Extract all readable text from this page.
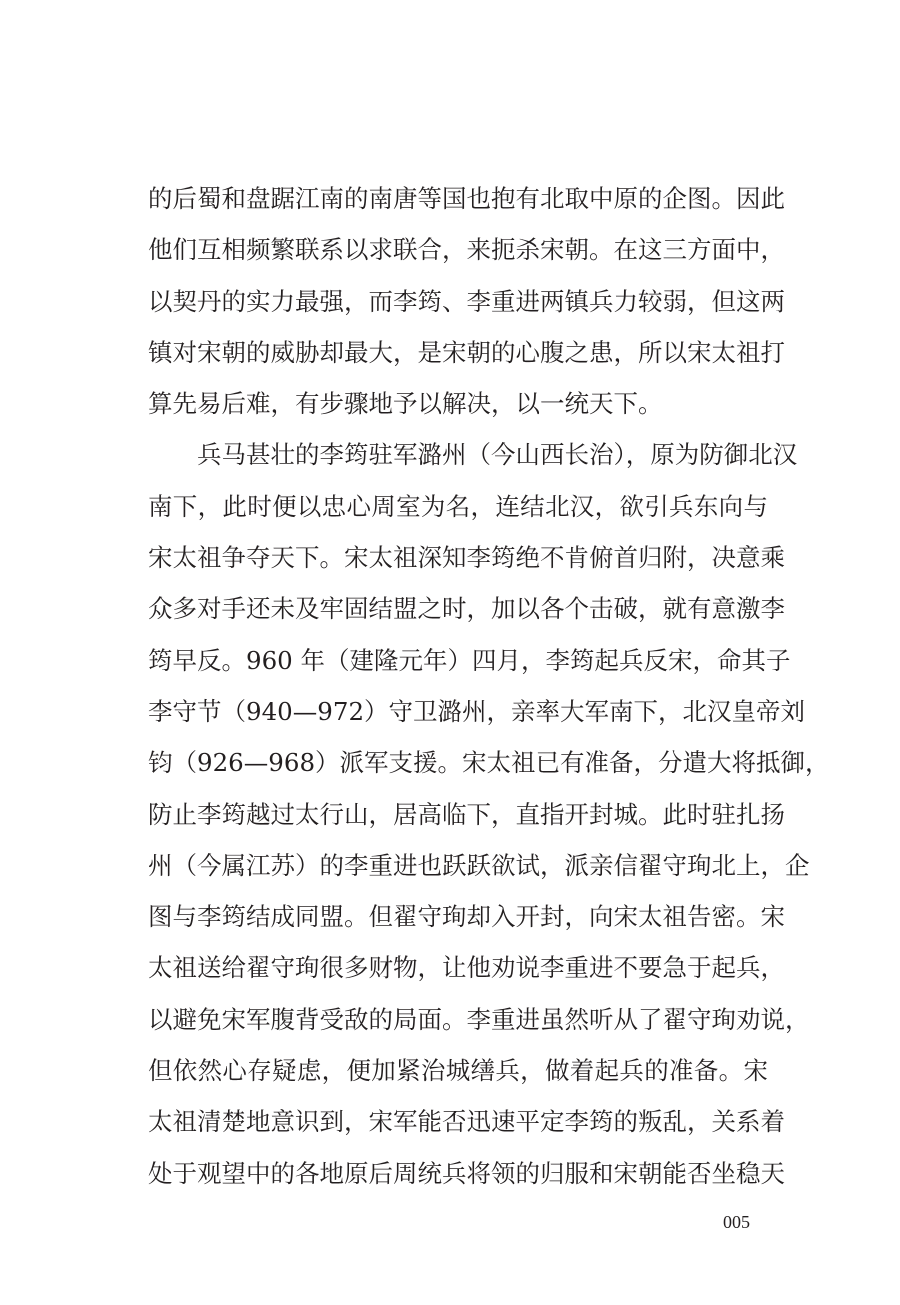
的后蜀和盘踞江南的南唐等国也抱有北取中原的企图。因此
他们互相频繁联系以求联合，来扼杀宋朝。在这三方面中，
以契丹的实力最强，而李筠、李重进两镇兵力较弱，但这两
镇对宋朝的威胁却最大，是宋朝的心腹之患，所以宋太祖打
算先易后难，有步骤地予以解决，以一统天下。
兵马甚壮的李筠驻军潞州（今山西长治），原为防御北汉
南下，此时便以忠心周室为名，连结北汉，欲引兵东向与
宋太祖争夺天下。宋太祖深知李筠绝不肯俯首归附，决意乘
众多对手还未及牢固结盟之时，加以各个击破，就有意激李
筠早反。960 年（建隆元年）四月，李筠起兵反宋，命其子
李守节（940—972）守卫潞州，亲率大军南下，北汉皇帝刘
钧（926—968）派军支援。宋太祖已有准备，分遣大将抵御，
防止李筠越过太行山，居高临下，直指开封城。此时驻扎扬
州（今属江苏）的李重进也跃跃欲试，派亲信翟守珣北上，企
图与李筠结成同盟。但翟守珣却入开封，向宋太祖告密。宋
太祖送给翟守珣很多财物，让他劝说李重进不要急于起兵，
以避免宋军腹背受敌的局面。李重进虽然听从了翟守珣劝说，
但依然心存疑虑，便加紧治城缮兵，做着起兵的准备。宋
太祖清楚地意识到，宋军能否迅速平定李筠的叛乱，关系着
处于观望中的各地原后周统兵将领的归服和宋朝能否坐稳天
005
